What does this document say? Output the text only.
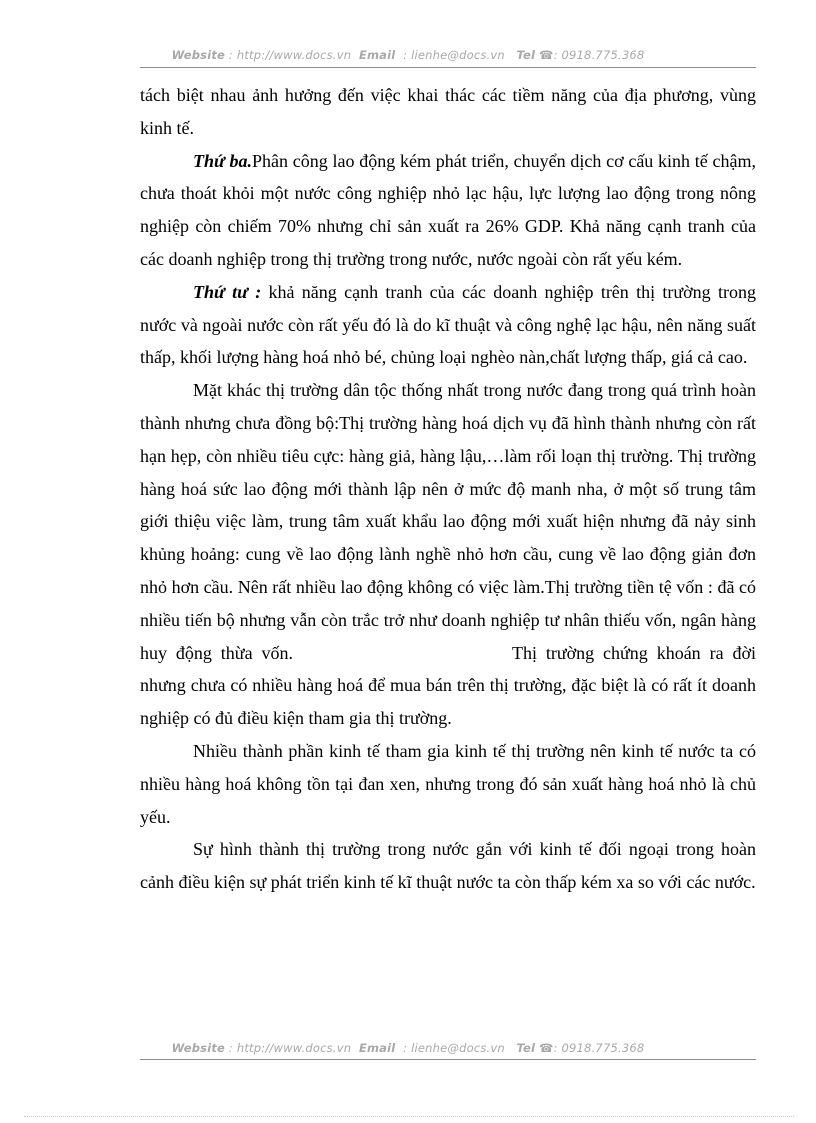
Website : http://www.docs.vn Email : lienhe@docs.vn Tel ☎: 0918.775.368

tách biệt nhau ảnh hưởng đến việc khai thác các tiềm năng của địa phương, vùng kinh tế.

Thứ ba.Phân công lao động kém phát triển, chuyển dịch cơ cấu kinh tế chậm, chưa thoát khỏi một nước công nghiệp nhỏ lạc hậu, lực lượng lao động trong nông nghiệp còn chiếm 70% nhưng chỉ sản xuất ra 26% GDP. Khả năng cạnh tranh của các doanh nghiệp trong thị trường trong nước, nước ngoài còn rất yếu kém.

Thứ tư : khả năng cạnh tranh của các doanh nghiệp trên thị trường trong nước và ngoài nước còn rất yếu đó là do kĩ thuật và công nghệ lạc hậu, nên năng suất thấp, khối lượng hàng hoá nhỏ bé, chủng loại nghèo nàn,chất lượng thấp, giá cả cao.

Mặt khác thị trường dân tộc thống nhất trong nước đang trong quá trình hoàn thành nhưng chưa đồng bộ:Thị trường hàng hoá dịch vụ đã hình thành nhưng còn rất hạn hẹp, còn nhiều tiêu cực: hàng giả, hàng lậu,…làm rối loạn thị trường. Thị trường hàng hoá sức lao động mới thành lập nên ở mức độ manh nha, ở một số trung tâm giới thiệu việc làm, trung tâm xuất khẩu lao động mới xuất hiện nhưng đã nảy sinh khủng hoảng: cung về lao động lành nghề nhỏ hơn cầu, cung về lao động giản đơn nhỏ hơn cầu. Nên rất nhiều lao động không có việc làm.Thị trường tiền tệ vốn : đã có nhiều tiến bộ nhưng vẫn còn trắc trở như doanh nghiệp tư nhân thiếu vốn, ngân hàng huy động thừa vốn.	Thị trường chứng khoán ra đời nhưng chưa có nhiều hàng hoá để mua bán trên thị trường, đặc biệt là có rất ít doanh nghiệp có đủ điều kiện tham gia thị trường.

Nhiều thành phần kinh tế tham gia kinh tế thị trường nên kinh tế nước ta có nhiều hàng hoá không tồn tại đan xen, nhưng trong đó sản xuất hàng hoá nhỏ là chủ yếu.

Sự hình thành thị trường trong nước gắn với kinh tế đối ngoại trong hoàn cảnh điều kiện sự phát triển kinh tế kĩ thuật nước ta còn thấp kém xa so với các nước.

Website : http://www.docs.vn Email : lienhe@docs.vn Tel ☎: 0918.775.368
